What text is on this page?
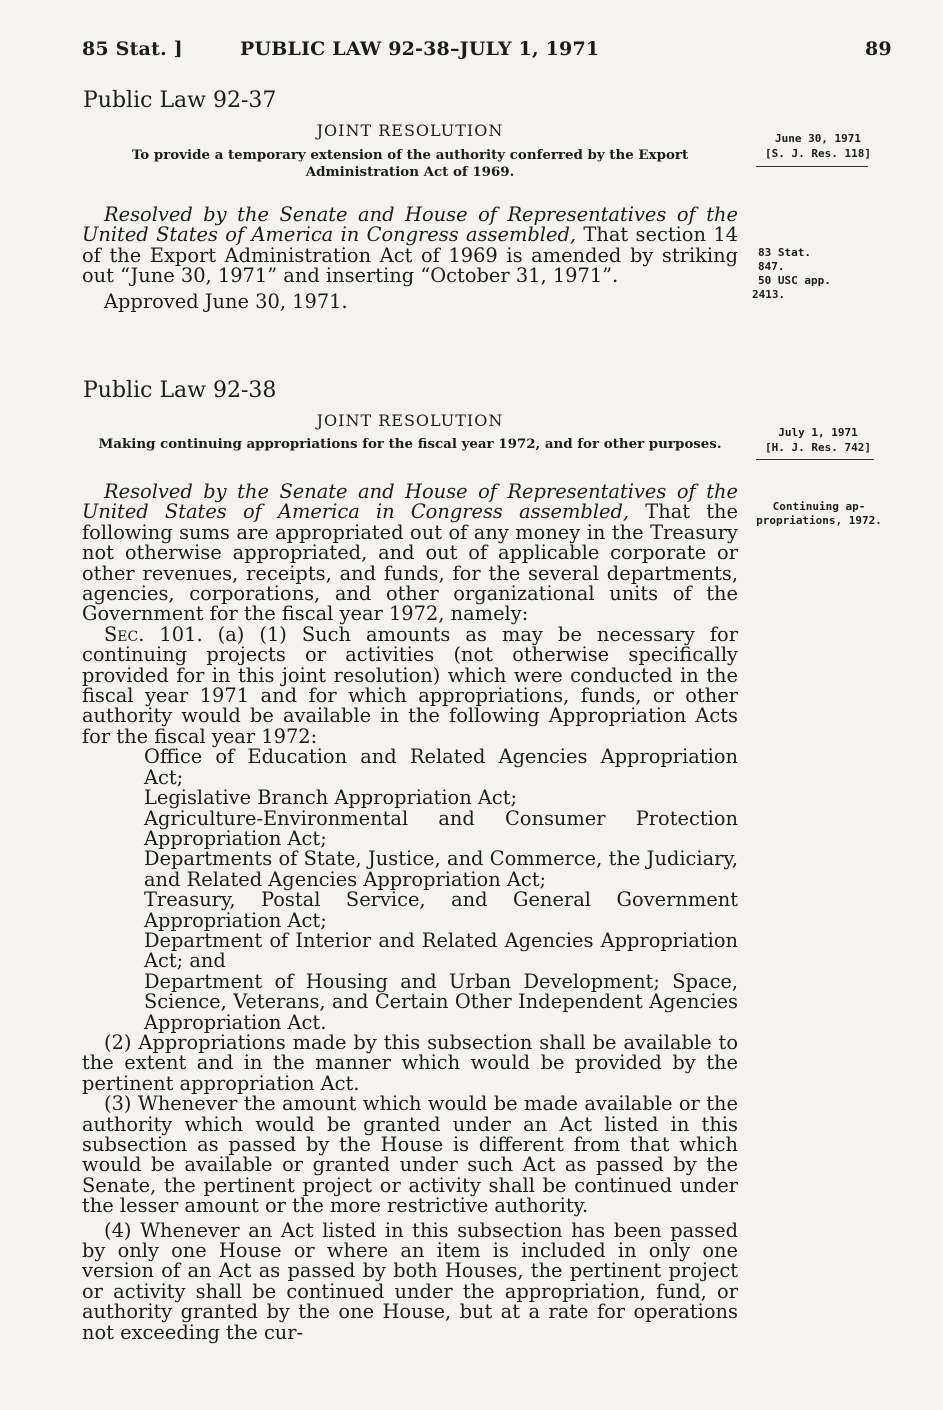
85 Stat. ]	PUBLIC LAW 92-38–JULY 1, 1971	89
Public Law 92-37
JOINT RESOLUTION
To provide a temporary extension of the authority conferred by the Export
Administration Act of 1969.
June 30, 1971
[S. J. Res. 118]

Resolved by the Senate and House of Representatives of the United States of America in Congress assembled, That section 14 of the Export Administration Act of 1969 is amended by striking out “June 30, 1971” and inserting “October 31, 1971”.

83 Stat. 847.
50 USC app.
2413.
Approved June 30, 1971.
Public Law 92-38
JOINT RESOLUTION
Making continuing appropriations for the fiscal year 1972, and for other purposes.
July 1, 1971
[H. J. Res. 742]
Continuing ap-
propriations, 1972.

Resolved by the Senate and House of Representatives of the United States of America in Congress assembled, That the following sums are appropriated out of any money in the Treasury not otherwise appropriated, and out of applicable corporate or other revenues, receipts, and funds, for the several departments, agencies, corporations, and other organizational units of the Government for the fiscal year 1972, namely:

Sec. 101. (a) (1) Such amounts as may be necessary for continuing projects or activities (not otherwise specifically provided for in this joint resolution) which were conducted in the fiscal year 1971 and for which appropriations, funds, or other authority would be available in the following Appropriation Acts for the fiscal year 1972:

Office of Education and Related Agencies Appropriation Act;

Legislative Branch Appropriation Act;

Agriculture-Environmental and Consumer Protection Appropriation Act;

Departments of State, Justice, and Commerce, the Judiciary, and Related Agencies Appropriation Act;

Treasury, Postal Service, and General Government Appropriation Act;

Department of Interior and Related Agencies Appropriation Act; and

Department of Housing and Urban Development; Space, Science, Veterans, and Certain Other Independent Agencies Appropriation Act.

(2) Appropriations made by this subsection shall be available to the extent and in the manner which would be provided by the pertinent appropriation Act.

(3) Whenever the amount which would be made available or the authority which would be granted under an Act listed in this subsection as passed by the House is different from that which would be available or granted under such Act as passed by the Senate, the pertinent project or activity shall be continued under the lesser amount or the more restrictive authority.

(4) Whenever an Act listed in this subsection has been passed by only one House or where an item is included in only one version of an Act as passed by both Houses, the pertinent project or activity shall be continued under the appropriation, fund, or authority granted by the one House, but at a rate for operations not exceeding the cur-
